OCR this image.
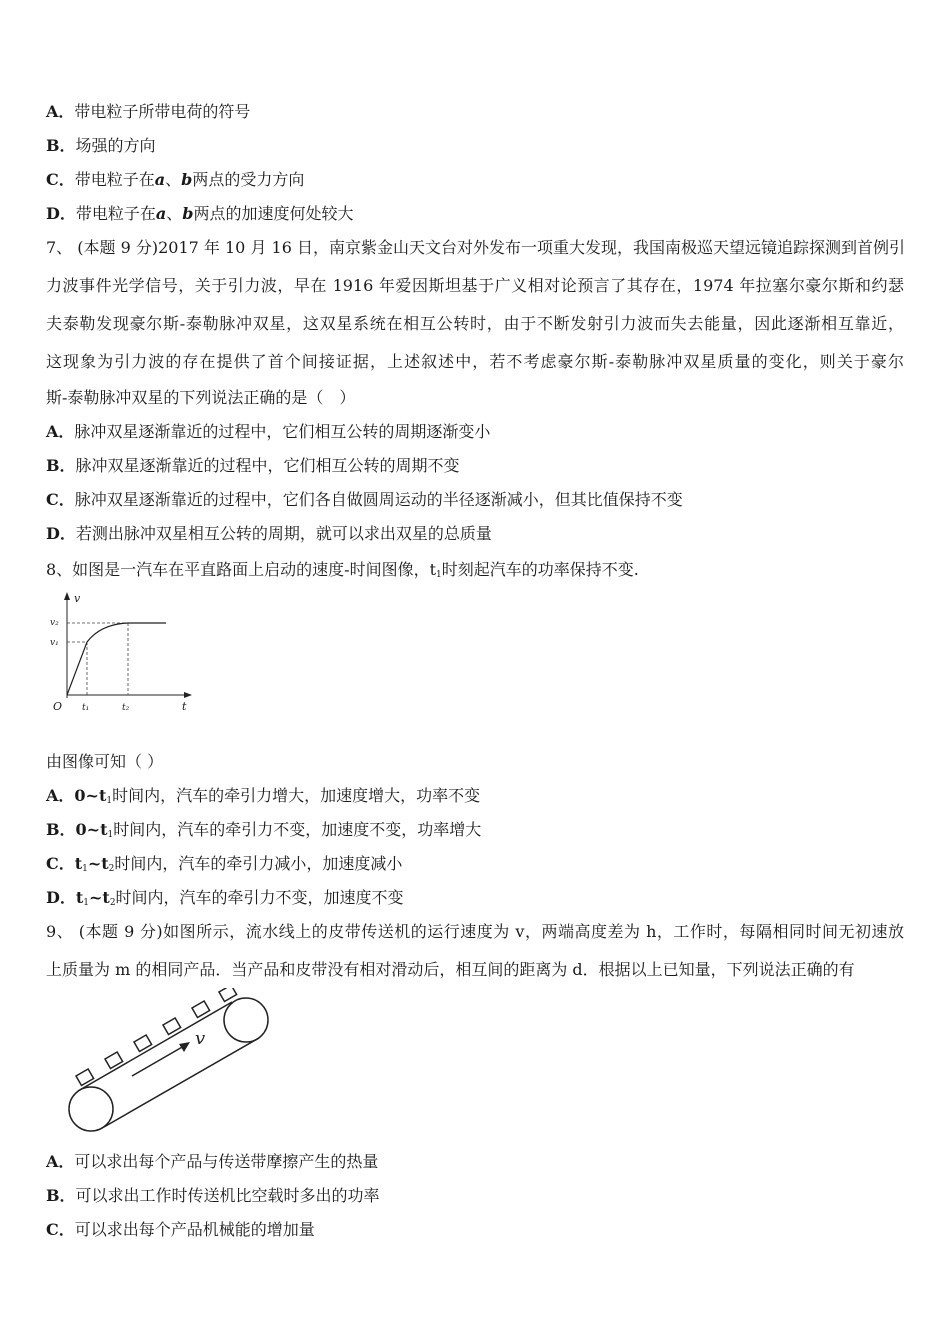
A．带电粒子所带电荷的符号
B．场强的方向
C．带电粒子在a、b两点的受力方向
D．带电粒子在a、b两点的加速度何处较大
7、 (本题 9 分)2017 年 10 月 16 日，南京紫金山天文台对外发布一项重大发现，我国南极巡天望远镜追踪探测到首例引
力波事件光学信号，关于引力波，早在 1916 年爱因斯坦基于广义相对论预言了其存在，1974 年拉塞尔豪尔斯和约瑟
夫泰勒发现豪尔斯-泰勒脉冲双星，这双星系统在相互公转时，由于不断发射引力波而失去能量，因此逐渐相互靠近，
这现象为引力波的存在提供了首个间接证据，上述叙述中，若不考虑豪尔斯-泰勒脉冲双星质量的变化，则关于豪尔
斯-泰勒脉冲双星的下列说法正确的是（　）
A．脉冲双星逐渐靠近的过程中，它们相互公转的周期逐渐变小
B．脉冲双星逐渐靠近的过程中，它们相互公转的周期不变
C．脉冲双星逐渐靠近的过程中，它们各自做圆周运动的半径逐渐减小，但其比值保持不变
D．若测出脉冲双星相互公转的周期，就可以求出双星的总质量
8、如图是一汽车在平直路面上启动的速度-时间图像，$t_1$时刻起汽车的功率保持不变.
v
t
O
v₂
v₁
t₁	t₂
由图像可知（ ）
A．$0\sim t_1$时间内，汽车的牵引力增大，加速度增大，功率不变
B．$0\sim t_1$时间内，汽车的牵引力不变，加速度不变，功率增大
C．$t_1\sim t_2$时间内，汽车的牵引力减小，加速度减小
D．$t_1\sim t_2$时间内，汽车的牵引力不变，加速度不变
9、 (本题 9 分)如图所示，流水线上的皮带传送机的运行速度为 v，两端高度差为 h，工作时，每隔相同时间无初速放
上质量为 m 的相同产品．当产品和皮带没有相对滑动后，相互间的距离为 d．根据以上已知量，下列说法正确的有
v
A．可以求出每个产品与传送带摩擦产生的热量
B．可以求出工作时传送机比空载时多出的功率
C．可以求出每个产品机械能的增加量
